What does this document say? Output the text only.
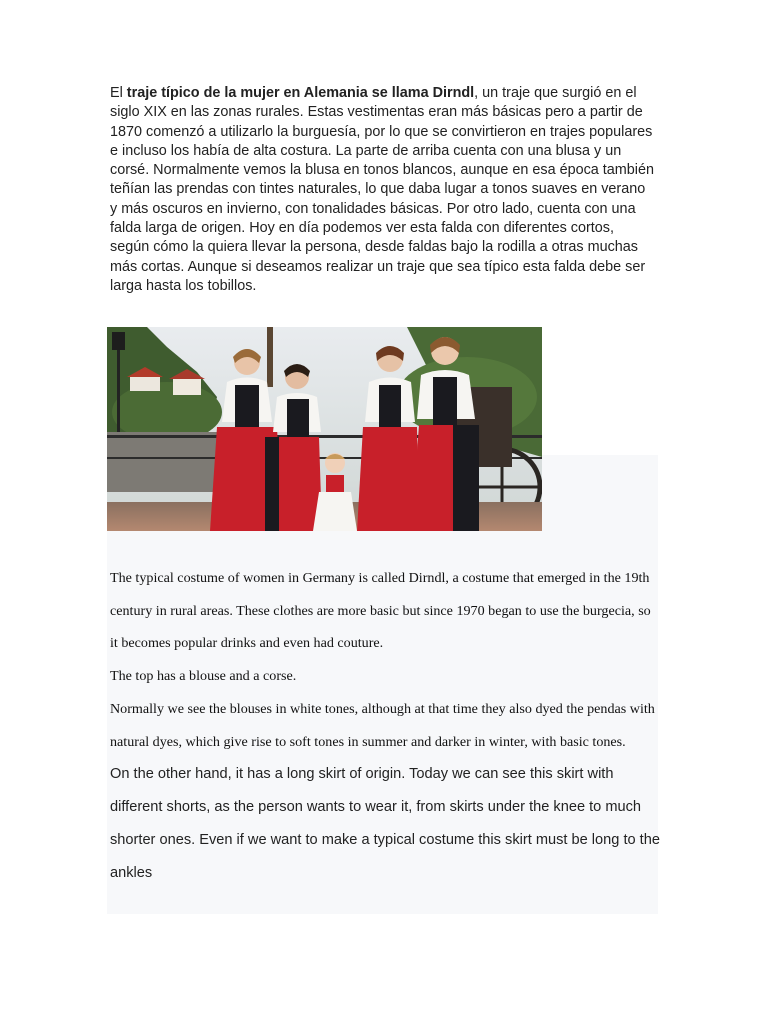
El traje típico de la mujer en Alemania se llama Dirndl, un traje que surgió en el siglo XIX en las zonas rurales. Estas vestimentas eran más básicas pero a partir de 1870 comenzó a utilizarlo la burguesía, por lo que se convirtieron en trajes populares e incluso los había de alta costura. La parte de arriba cuenta con una blusa y un corsé. Normalmente vemos la blusa en tonos blancos, aunque en esa época también teñían las prendas con tintes naturales, lo que daba lugar a tonos suaves en verano y más oscuros en invierno, con tonalidades básicas. Por otro lado, cuenta con una falda larga de origen. Hoy en día podemos ver esta falda con diferentes cortos, según cómo la quiera llevar la persona, desde faldas bajo la rodilla a otras muchas más cortas. Aunque si deseamos realizar un traje que sea típico esta falda debe ser larga hasta los tobillos.

The typical costume of women in Germany is called Dirndl, a costume that emerged in the 19th century in rural areas. These clothes are more basic but since 1970 began to use the burgecia, so it becomes popular drinks and even had couture.

The top has a blouse and a corse.

Normally we see the blouses in white tones, although at that time they also dyed the pendas with natural dyes, which give rise to soft tones in summer and darker in winter, with basic tones.

On the other hand, it has a long skirt of origin. Today we can see this skirt with different shorts, as the person wants to wear it, from skirts under the knee to much shorter ones. Even if we want to make a typical costume this skirt must be long to the ankles
